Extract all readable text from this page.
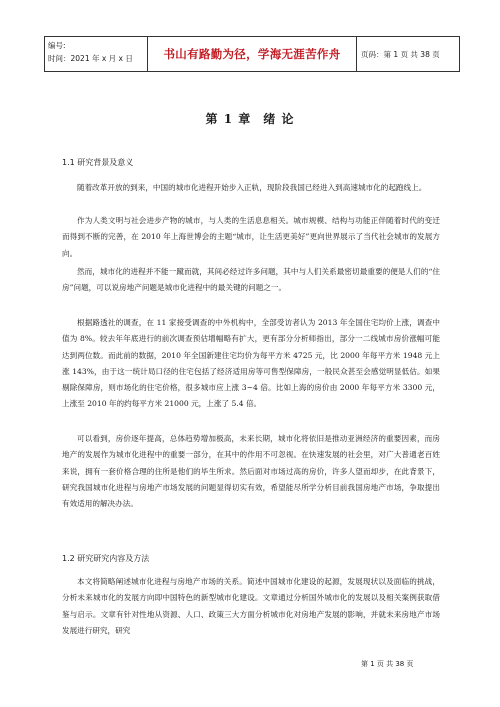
编号:
时间：2021 年 x 月 x 日	书山有路勤为径，学海无涯苦作舟	页码：第 1 页 共 38 页
第 1 章 绪 论
1.1 研究背景及意义
随着改革开放的到来，中国的城市化进程开始步入正轨，现阶段我国已经进入到高速城市化的起跑线上。
作为人类文明与社会进步产物的城市，与人类的生活息息相关。城市规模、结构与功能正伴随着时代的变迁而得到不断的完善，在 2010 年上海世博会的主题“城市，让生活更美好”更向世界展示了当代社会城市的发展方向。
然而，城市化的进程并不能一蹴而就，其间必经过许多问题，其中与人们关系最密切最重要的便是人们的“住房”问题，可以说房地产问题是城市化进程中的最关键的问题之一。
根据路透社的调查，在 11 家接受调查的中外机构中，全部受访者认为 2013 年全国住宅均价上涨，调查中值为 8%。较去年年底进行的前次调查预估增幅略有扩大，更有部分分析师指出，部分一二线城市房价涨幅可能达到两位数。而此前的数据，2010 年全国新建住宅均价为每平方米 4725 元，比 2000 年每平方米 1948 元上涨 143%，由于这一统计局口径的住宅包括了经济适用房等可售型保障房，一般民众甚至会感觉明显低估。如果剔除保障房，则市场化的住宅价格，很多城市应上涨 3~4 倍。比如上海的房价由 2000 年每平方米 3300 元，上涨至 2010 年的约每平方米 21000 元，上涨了 5.4 倍。
可以看到，房价逐年提高，总体趋势增加极高，未来长期，城市化将依旧是推动亚洲经济的重要因素，而房地产的发展作为城市化进程中的重要一部分，在其中的作用不可忽视。在快速发展的社会里，对广大普通老百姓来说，拥有一套价格合理的住所是他们的毕生所求。然后面对市场过高的房价，许多人望而却步，在此背景下，研究我国城市化进程与房地产市场发展的问题显得切实有效，希望能尽所学分析目前我国房地产市场，争取提出有效适用的解决办法。
1.2 研究研究内容及方法
本文将简略阐述城市化进程与房地产市场的关系。简述中国城市化建设的起源，发展现状以及面临的挑战，分析未来城市化的发展方向即中国特色的新型城市化建设。文章通过分析国外城市化的发展以及相关案例获取借鉴与启示。文章有针对性地从资源、人口、政策三大方面分析城市化对房地产发展的影响，并就未来房地产市场发展进行研究，研究
第 1 页 共 38 页
